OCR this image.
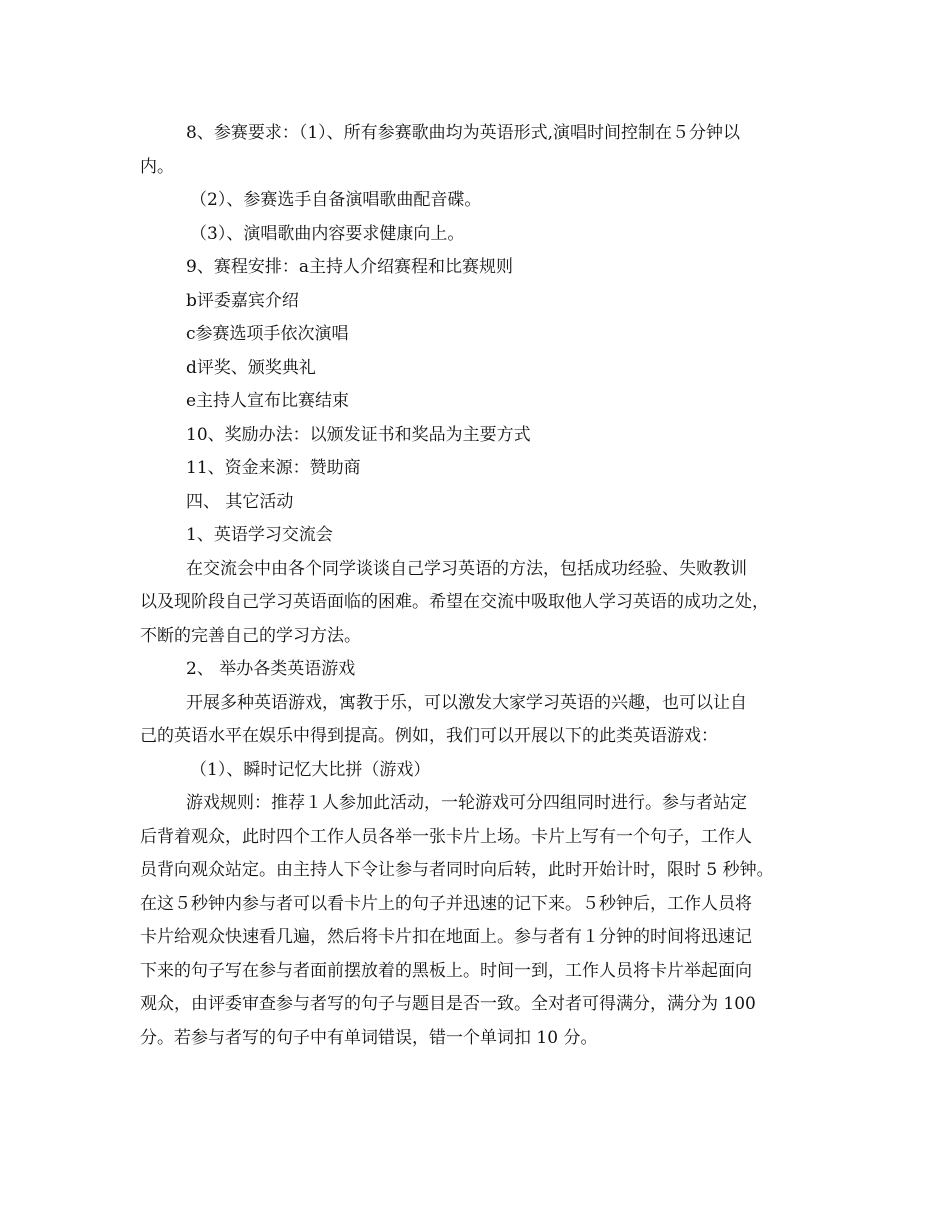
8、参赛要求：（1）、所有参赛歌曲均为英语形式,演唱时间控制在５分钟以
内。
（2）、参赛选手自备演唱歌曲配音碟。
（3）、演唱歌曲内容要求健康向上。
9、赛程安排：a主持人介绍赛程和比赛规则
b评委嘉宾介绍
c参赛选项手依次演唱
d评奖、颁奖典礼
e主持人宣布比赛结束
10、奖励办法：以颁发证书和奖品为主要方式
11、资金来源：赞助商
四、 其它活动
1、英语学习交流会
在交流会中由各个同学谈谈自己学习英语的方法，包括成功经验、失败教训
以及现阶段自己学习英语面临的困难。希望在交流中吸取他人学习英语的成功之处，
不断的完善自己的学习方法。
2、 举办各类英语游戏
开展多种英语游戏，寓教于乐，可以激发大家学习英语的兴趣，也可以让自
己的英语水平在娱乐中得到提高。例如，我们可以开展以下的此类英语游戏：
（1）、瞬时记忆大比拼（游戏）
游戏规则：推荐１人参加此活动，一轮游戏可分四组同时进行。参与者站定
后背着观众，此时四个工作人员各举一张卡片上场。卡片上写有一个句子，工作人
员背向观众站定。由主持人下令让参与者同时向后转，此时开始计时，限时 5 秒钟。
在这５秒钟内参与者可以看卡片上的句子并迅速的记下来。５秒钟后，工作人员将
卡片给观众快速看几遍，然后将卡片扣在地面上。参与者有１分钟的时间将迅速记
下来的句子写在参与者面前摆放着的黑板上。时间一到，工作人员将卡片举起面向
观众，由评委审查参与者写的句子与题目是否一致。全对者可得满分，满分为 100
分。若参与者写的句子中有单词错误，错一个单词扣 10 分。
